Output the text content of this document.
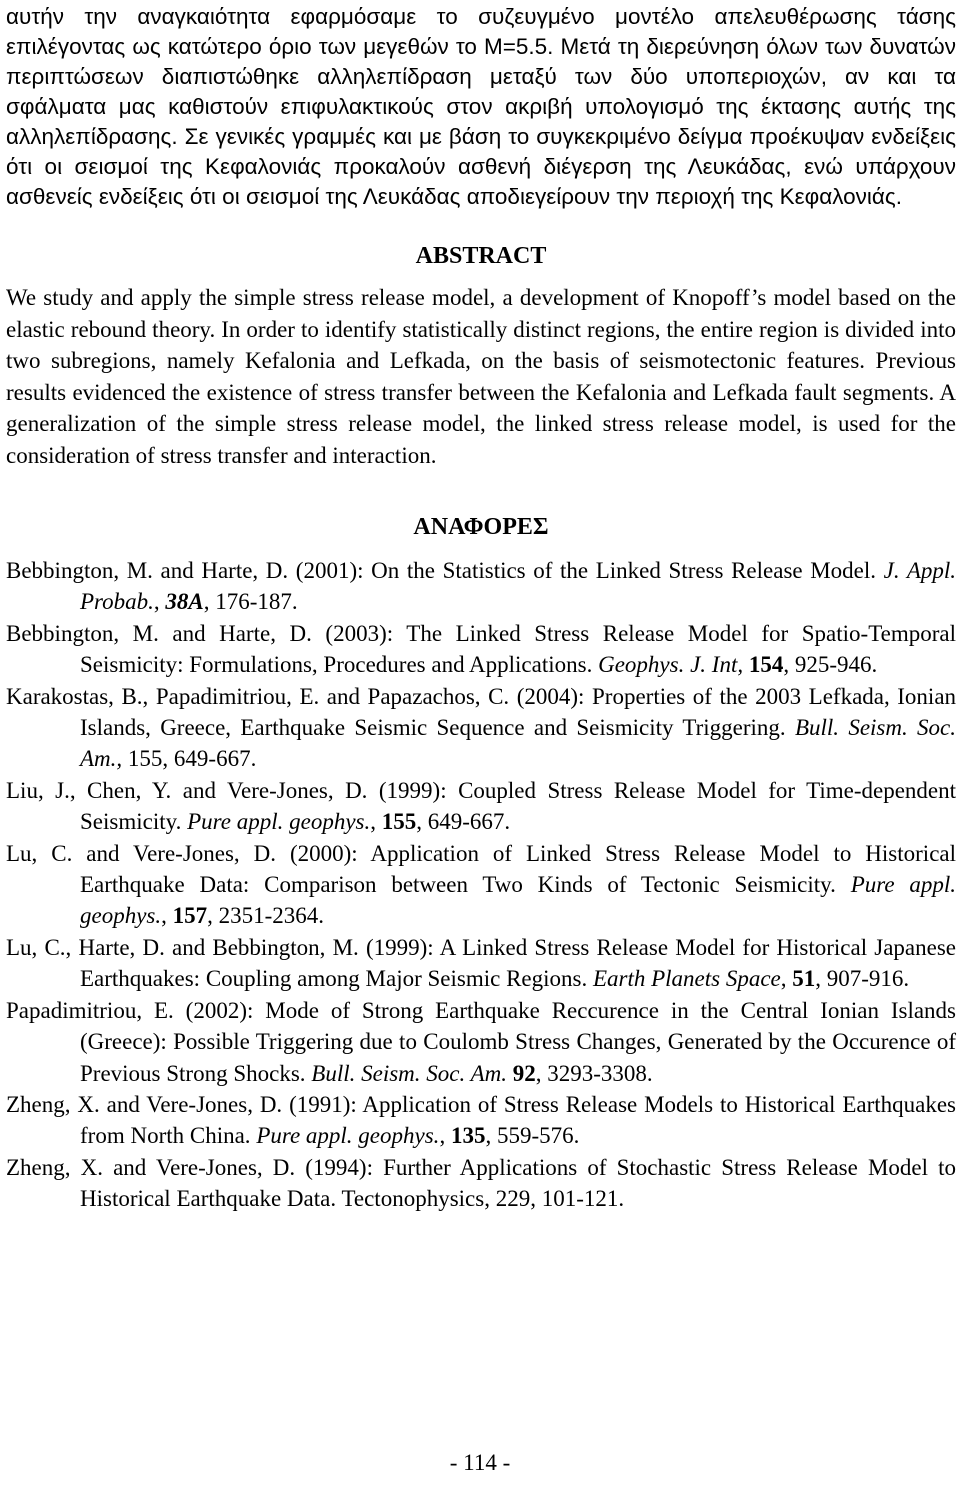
αυτήν την αναγκαιότητα εφαρμόσαμε το συζευγμένο μοντέλο απελευθέρωσης τάσης επιλέγοντας ως κατώτερο όριο των μεγεθών το M=5.5. Μετά τη διερεύνηση όλων των δυνατών περιπτώσεων διαπιστώθηκε αλληλεπίδραση μεταξύ των δύο υποπεριοχών, αν και τα σφάλματα μας καθιστούν επιφυλακτικούς στον ακριβή υπολογισμό της έκτασης αυτής της αλληλεπίδρασης. Σε γενικές γραμμές και με βάση το συγκεκριμένο δείγμα προέκυψαν ενδείξεις ότι οι σεισμοί της Κεφαλονιάς προκαλούν ασθενή διέγερση της Λευκάδας, ενώ υπάρχουν ασθενείς ενδείξεις ότι οι σεισμοί της Λευκάδας αποδιεγείρουν την περιοχή της Κεφαλονιάς.

ABSTRACT

We study and apply the simple stress release model, a development of Knopoff’s model based on the elastic rebound theory. In order to identify statistically distinct regions, the entire region is divided into two subregions, namely Kefalonia and Lefkada, on the basis of seismotectonic features. Previous results evidenced the existence of stress transfer between the Kefalonia and Lefkada fault segments. A generalization of the simple stress release model, the linked stress release model, is used for the consideration of stress transfer and interaction.

ΑΝΑΦΟΡΕΣ

Bebbington, M. and Harte, D. (2001): On the Statistics of the Linked Stress Release Model. J. Appl. Probab., 38A, 176-187.

Bebbington, M. and Harte, D. (2003): The Linked Stress Release Model for Spatio-Temporal Seismicity: Formulations, Procedures and Applications. Geophys. J. Int, 154, 925-946.

Karakostas, B., Papadimitriou, E. and Papazachos, C. (2004): Properties of the 2003 Lefkada, Ionian Islands, Greece, Earthquake Seismic Sequence and Seismicity Triggering. Bull. Seism. Soc. Am., 155, 649-667.

Liu, J., Chen, Y. and Vere-Jones, D. (1999): Coupled Stress Release Model for Time-dependent Seismicity. Pure appl. geophys., 155, 649-667.

Lu, C. and Vere-Jones, D. (2000): Application of Linked Stress Release Model to Historical Earthquake Data: Comparison between Two Kinds of Tectonic Seismicity. Pure appl. geophys., 157, 2351-2364.

Lu, C., Harte, D. and Bebbington, M. (1999): A Linked Stress Release Model for Historical Japanese Earthquakes: Coupling among Major Seismic Regions. Earth Planets Space, 51, 907-916.

Papadimitriou, E. (2002): Mode of Strong Earthquake Reccurence in the Central Ionian Islands (Greece): Possible Triggering due to Coulomb Stress Changes, Generated by the Occurence of Previous Strong Shocks. Bull. Seism. Soc. Am. 92, 3293-3308.

Zheng, X. and Vere-Jones, D. (1991): Application of Stress Release Models to Historical Earthquakes from North China. Pure appl. geophys., 135, 559-576.

Zheng, X. and Vere-Jones, D. (1994): Further Applications of Stochastic Stress Release Model to Historical Earthquake Data. Tectonophysics, 229, 101-121.

- 114 -
